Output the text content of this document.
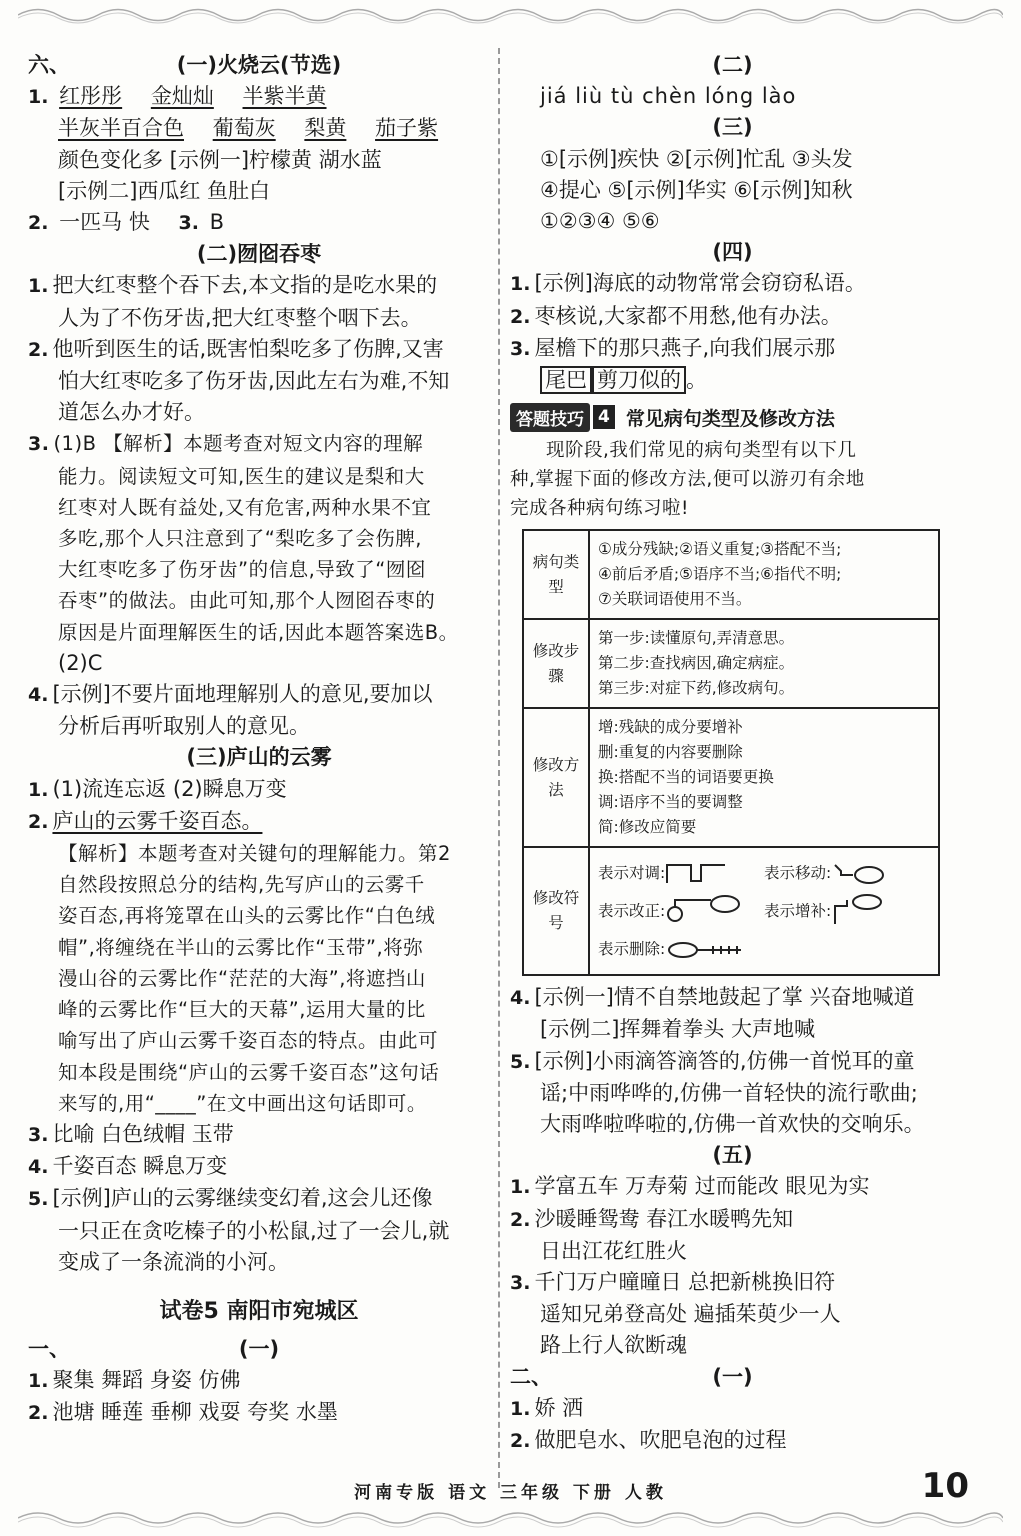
六、	(一)火烧云(节选)
1. 红彤彤 金灿灿 半紫半黄
半灰半百合色 葡萄灰 梨黄 茄子紫
颜色变化多 [示例一]柠檬黄 湖水蓝
[示例二]西瓜红 鱼肚白
2. 一匹马 快 3. B
(二)囫囵吞枣
1. 把大红枣整个吞下去,本文指的是吃水果的
人为了不伤牙齿,把大红枣整个咽下去。
2. 他听到医生的话,既害怕梨吃多了伤脾,又害
怕大红枣吃多了伤牙齿,因此左右为难,不知
道怎么办才好。
3. (1)B 【解析】本题考查对短文内容的理解
能力。阅读短文可知,医生的建议是梨和大
红枣对人既有益处,又有危害,两种水果不宜
多吃,那个人只注意到了“梨吃多了会伤脾,
大红枣吃多了伤牙齿”的信息,导致了“囫囵
吞枣”的做法。由此可知,那个人囫囵吞枣的
原因是片面理解医生的话,因此本题答案选B。
(2)C
4. [示例]不要片面地理解别人的意见,要加以
分析后再听取别人的意见。
(三)庐山的云雾
1. (1)流连忘返 (2)瞬息万变
2. 庐山的云雾千姿百态。
【解析】本题考查对关键句的理解能力。第2
自然段按照总分的结构,先写庐山的云雾千
姿百态,再将笼罩在山头的云雾比作“白色绒
帽”,将缠绕在半山的云雾比作“玉带”,将弥
漫山谷的云雾比作“茫茫的大海”,将遮挡山
峰的云雾比作“巨大的天幕”,运用大量的比
喻写出了庐山云雾千姿百态的特点。由此可
知本段是围绕“庐山的云雾千姿百态”这句话
来写的,用“____”在文中画出这句话即可。
3. 比喻 白色绒帽 玉带
4. 千姿百态 瞬息万变
5. [示例]庐山的云雾继续变幻着,这会儿还像
一只正在贪吃榛子的小松鼠,过了一会儿,就
变成了一条流淌的小河。
试卷5 南阳市宛城区
一、	(一)
1. 聚集 舞蹈 身姿 仿佛
2. 池塘 睡莲 垂柳 戏耍 夸奖 水墨
(二)
jiá liù tù chèn lóng lào
(三)
①[示例]疾快 ②[示例]忙乱 ③头发
④提心 ⑤[示例]华实 ⑥[示例]知秋
①②③④ ⑤⑥
(四)
1. [示例]海底的动物常常会窃窃私语。
2. 枣核说,大家都不用愁,他有办法。
3. 屋檐下的那只燕子,向我们展示那
尾巴 剪刀似的 。
答题技巧 4 常见病句类型及修改方法
现阶段,我们常见的病句类型有以下几
种,掌握下面的修改方法,便可以游刃有余地
完成各种病句练习啦!
病句类型	①成分残缺;②语义重复;③搭配不当;
④前后矛盾;⑤语序不当;⑥指代不明;
⑦关联词语使用不当。

修改步骤	第一步:读懂原句,弄清意思。
第二步:查找病因,确定病症。
第三步:对症下药,修改病句。

修改方法	增:残缺的成分要增补
删:重复的内容要删除
换:搭配不当的词语要更换
调:语序不当的要调整
简:修改应简要

修改符号	表示对调: 表示移动:
表示改正: 表示增补:
表示删除:
4. [示例一]情不自禁地鼓起了掌 兴奋地喊道
[示例二]挥舞着拳头 大声地喊
5. [示例]小雨滴答滴答的,仿佛一首悦耳的童
谣;中雨哗哗的,仿佛一首轻快的流行歌曲;
大雨哗啦哗啦的,仿佛一首欢快的交响乐。
(五)
1. 学富五车 万寿菊 过而能改 眼见为实
2. 沙暖睡鸳鸯 春江水暖鸭先知
日出江花红胜火
3. 千门万户曈曈日 总把新桃换旧符
遥知兄弟登高处 遍插茱萸少一人
路上行人欲断魂
二、	(一)
1. 娇 洒
2. 做肥皂水、吹肥皂泡的过程
河南专版 语文 三年级 下册 人教	10
